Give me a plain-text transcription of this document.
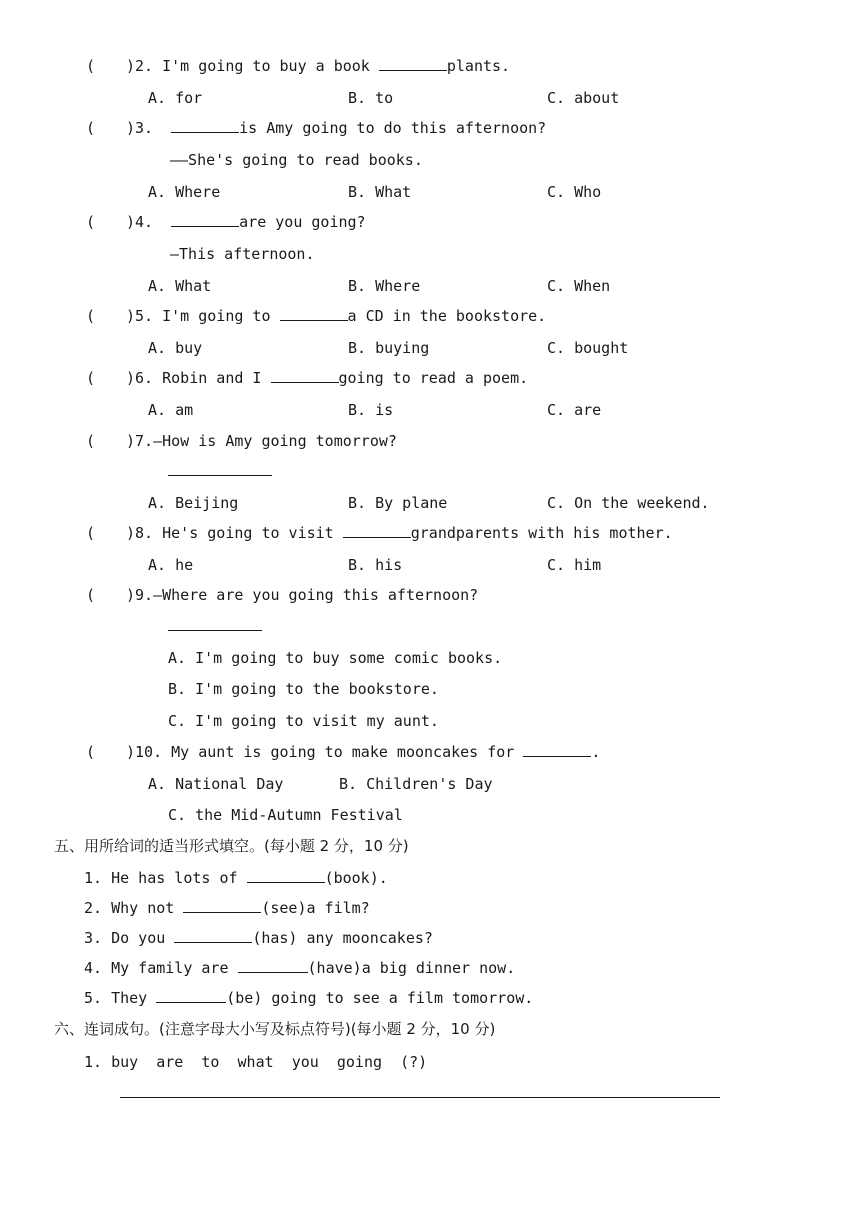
( )2. I'm going to buy a book	plants.
A. for	B. to	C. about
( )3.	is Amy going to do this afternoon?
——She's going to read books.
A. Where	B. What	C. Who
( )4.	are you going?
—This afternoon.
A. What	B. Where	C. When
( )5. I'm going to	a CD in the bookstore.
A. buy	B. buying	C. bought
( )6. Robin and I	going to read a poem.
A. am	B. is	C. are
( )7.—How is Amy going tomorrow?
A. Beijing	B. By plane	C. On the weekend.
( )8. He's going to visit	grandparents with his mother.
A. he	B. his	C. him
( )9.—Where are you going this afternoon?
A. I'm going to buy some comic books.
B. I'm going to the bookstore.
C. I'm going to visit my aunt.
( )10. My aunt is going to make mooncakes for	.
A. National Day	B. Children's Day
C. the Mid-Autumn Festival
五、用所给词的适当形式填空。(每小题 2 分，10 分)
1. He has lots of	(book).
2. Why not	(see)a film?
3. Do you	(has) any mooncakes?
4. My family are	(have)a big dinner now.
5. They	(be) going to see a film tomorrow.
六、连词成句。(注意字母大小写及标点符号)(每小题 2 分，10 分)
1. buy  are  to  what  you  going  (?)
